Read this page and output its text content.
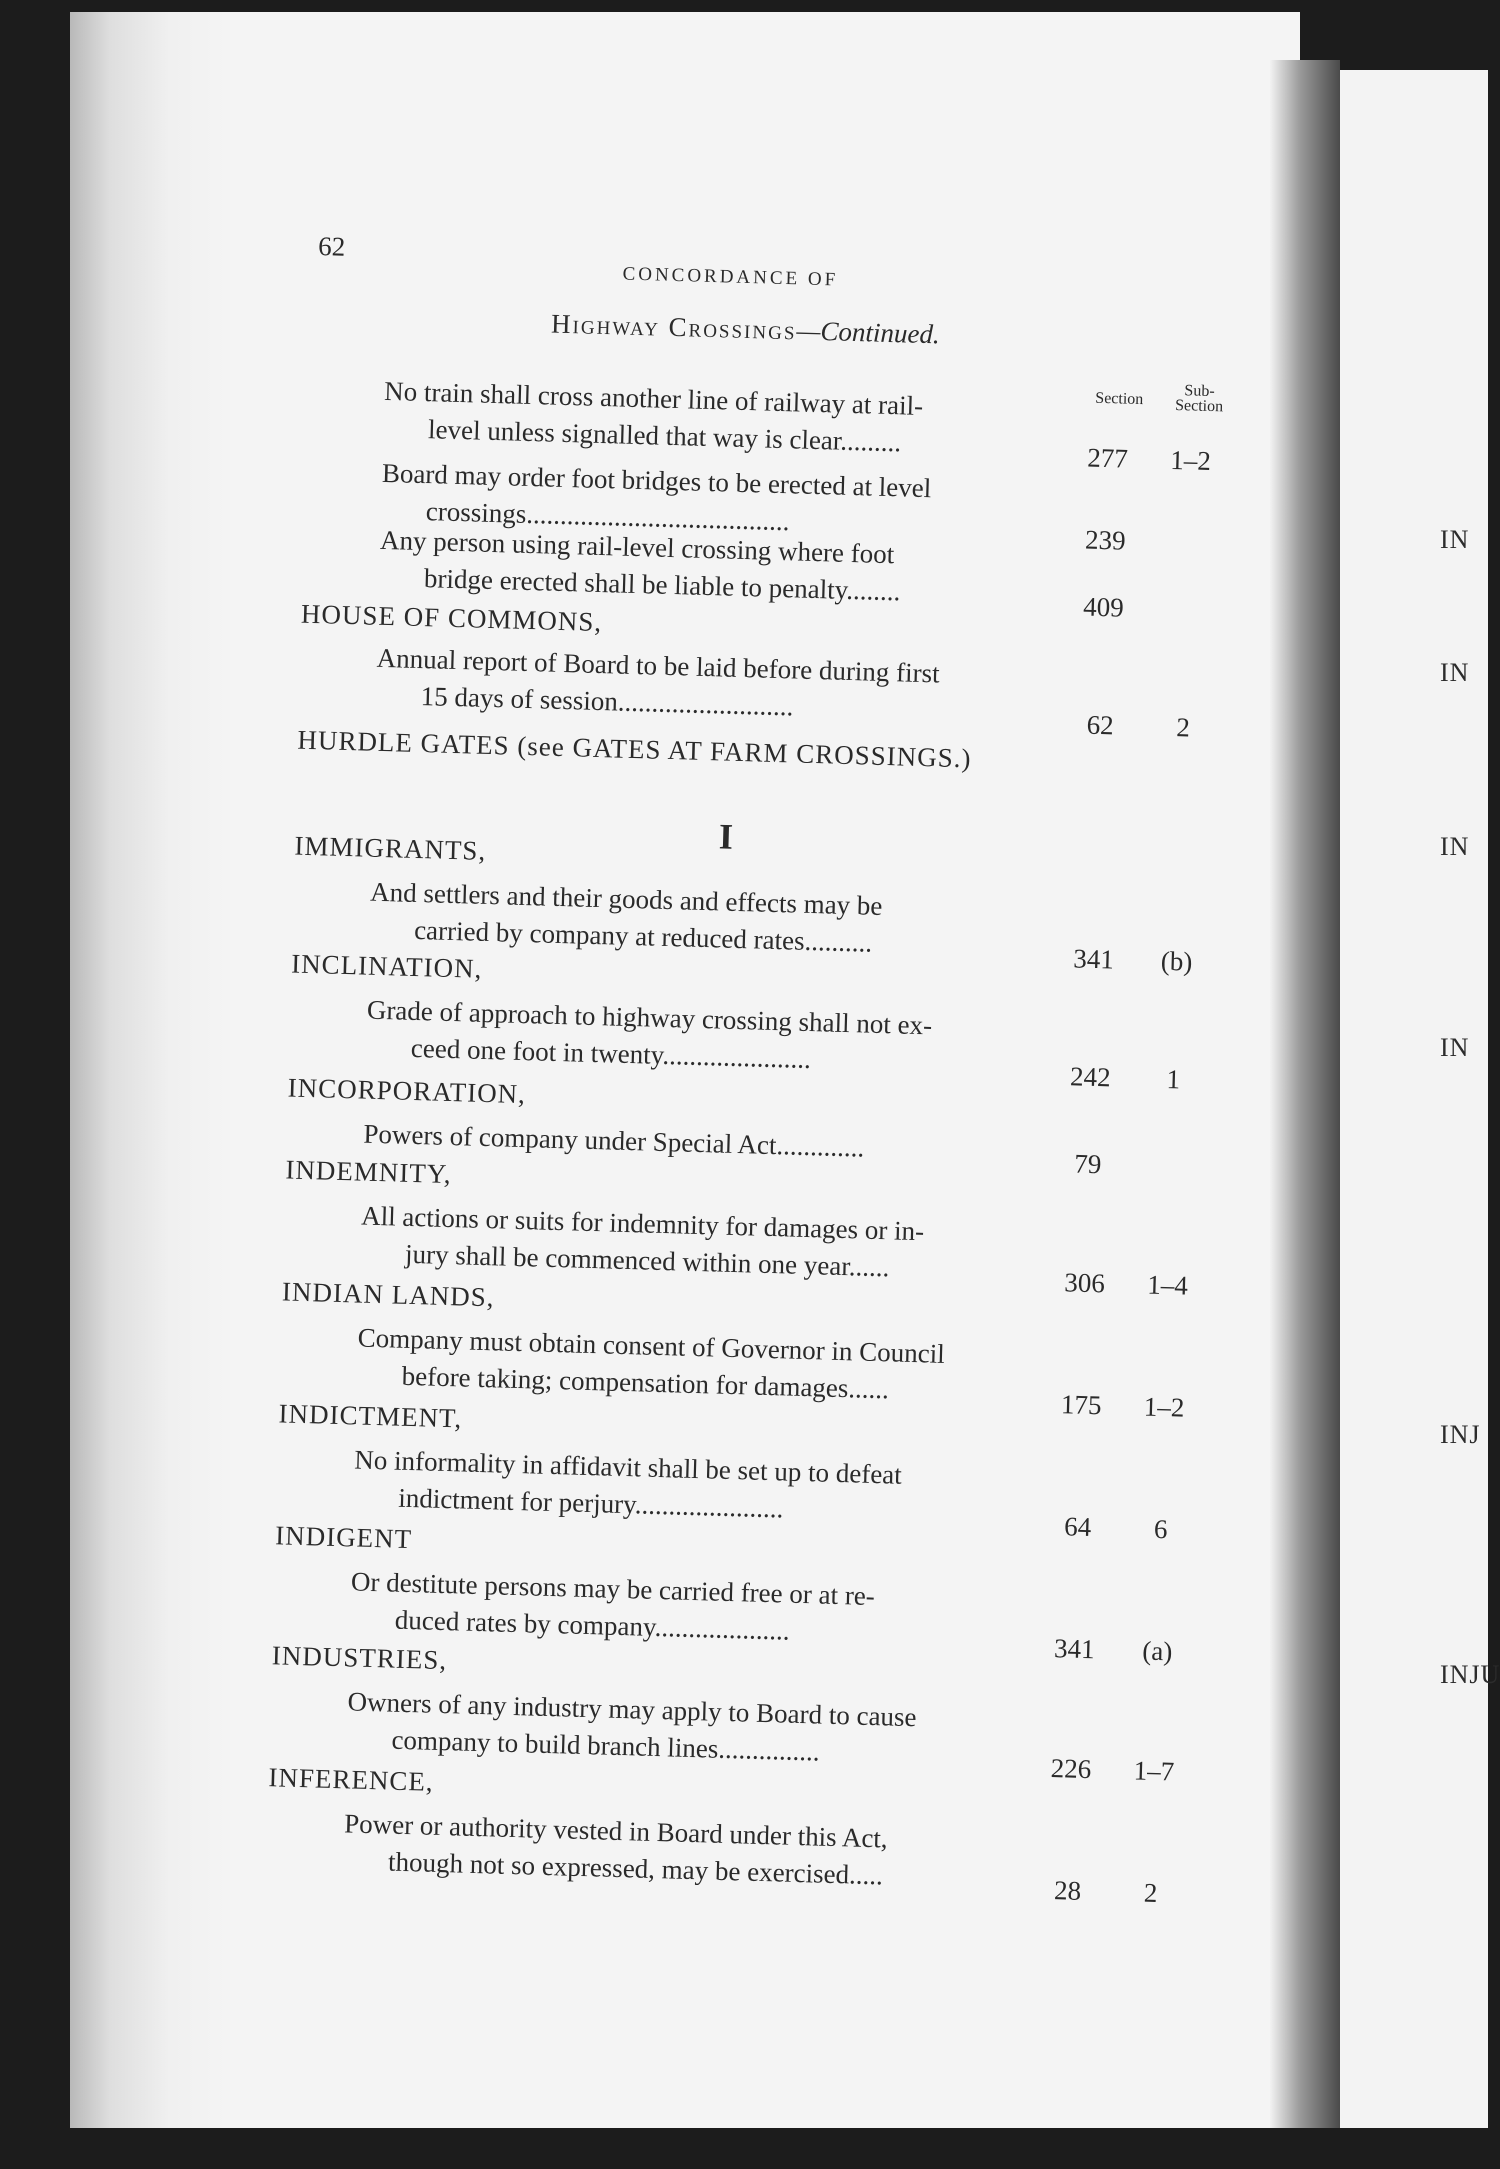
IN
IN
IN
IN
INJ
INJU
62
CONCORDANCE OF
Highway Crossings—Continued.
Section	Sub-
Section
I
No train shall cross another line of railway at rail-
level unless signalled that way is clear.........
277	1–2
Board may order foot bridges to be erected at level
crossings.......................................
239
Any person using rail-level crossing where foot
bridge erected shall be liable to penalty........
409
HOUSE OF COMMONS,
Annual report of Board to be laid before during first
15 days of session..........................
62	2
HURDLE GATES (see GATES AT FARM CROSSINGS.)
IMMIGRANTS,
And settlers and their goods and effects may be
carried by company at reduced rates..........
341	(b)
INCLINATION,
Grade of approach to highway crossing shall not ex-
ceed one foot in twenty......................
242	1
INCORPORATION,
Powers of company under Special Act.............
79
INDEMNITY,
All actions or suits for indemnity for damages or in-
jury shall be commenced within one year......
306	1–4
INDIAN LANDS,
Company must obtain consent of Governor in Council
before taking; compensation for damages......
175	1–2
INDICTMENT,
No informality in affidavit shall be set up to defeat
indictment for perjury......................
64	6
INDIGENT
Or destitute persons may be carried free or at re-
duced rates by company....................
341	(a)
INDUSTRIES,
Owners of any industry may apply to Board to cause
company to build branch lines...............
226	1–7
INFERENCE,
Power or authority vested in Board under this Act,
though not so expressed, may be exercised.....
28	2
